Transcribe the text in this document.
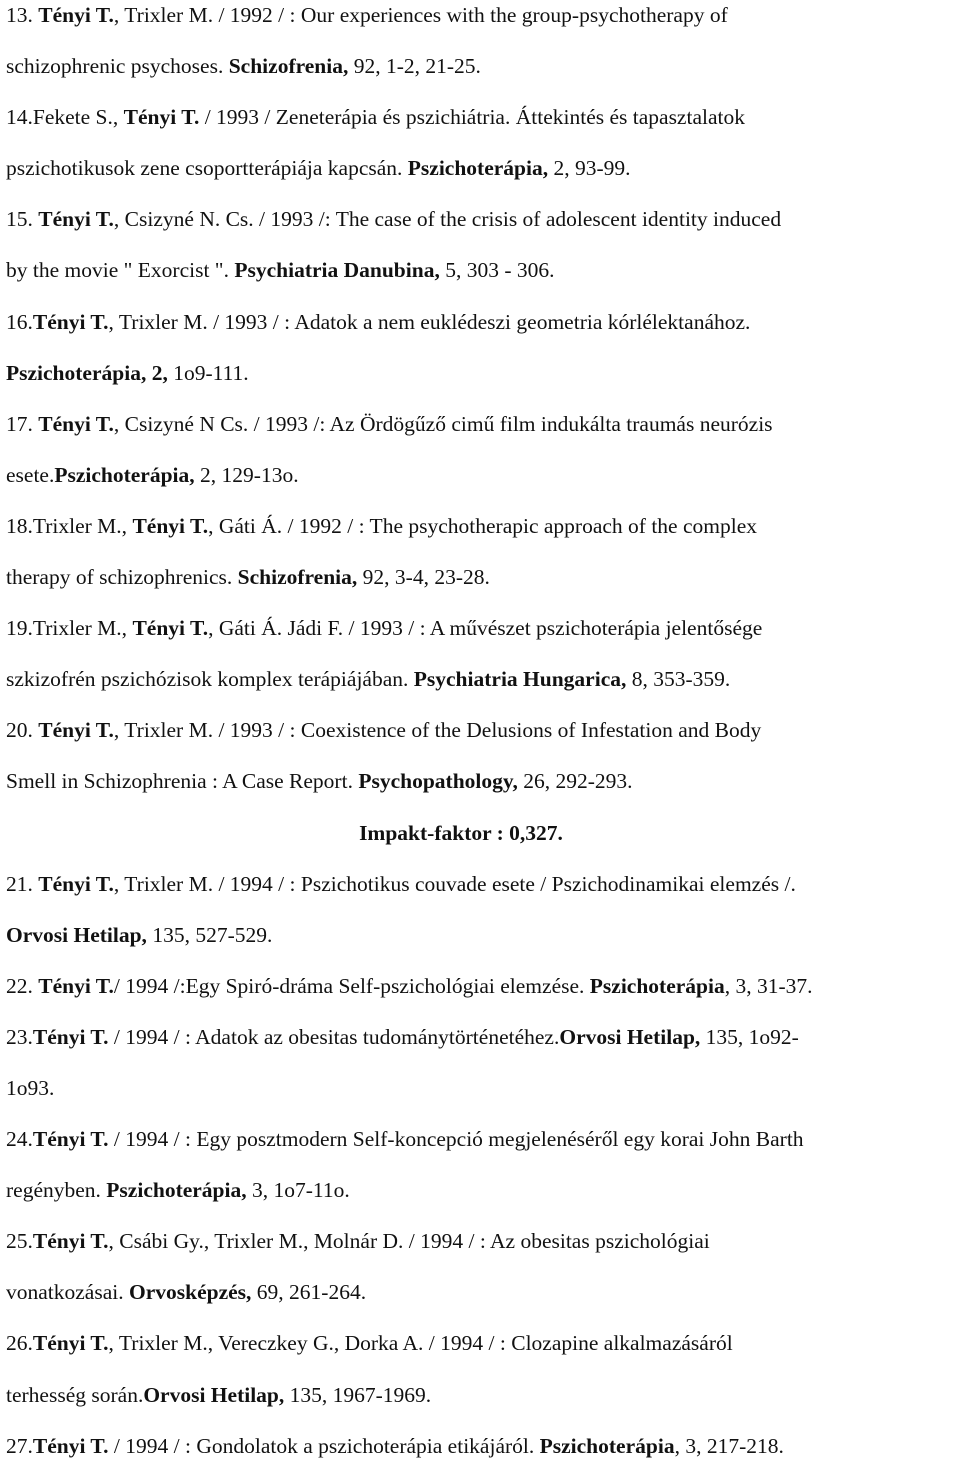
13. Tényi T., Trixler M. / 1992 / : Our experiences with the group-psychotherapy of
schizophrenic psychoses. Schizofrenia, 92, 1-2, 21-25.
14.Fekete S., Tényi T. / 1993 / Zeneterápia és pszichiátria. Áttekintés és tapasztalatok
pszichotikusok zene csoportterápiája kapcsán. Pszichoterápia, 2, 93-99.
15. Tényi T., Csizyné N. Cs. / 1993 /: The case of the crisis of adolescent identity induced
by the movie " Exorcist ". Psychiatria Danubina, 5, 303 - 306.
16.Tényi T., Trixler M. / 1993 / : Adatok a nem euklédeszi geometria kórlélektanához.
Pszichoterápia, 2, 1o9-111.
17. Tényi T., Csizyné N Cs. / 1993 /: Az Ördögűző cimű film indukálta traumás neurózis
esete.Pszichoterápia, 2, 129-13o.
18.Trixler M., Tényi T., Gáti Á. / 1992 / : The psychotherapic approach of the complex
therapy of schizophrenics. Schizofrenia, 92, 3-4, 23-28.
19.Trixler M., Tényi T., Gáti Á. Jádi F. / 1993 / : A művészet pszichoterápia jelentősége
szkizofrén pszichózisok komplex terápiájában. Psychiatria Hungarica, 8, 353-359.
20. Tényi T., Trixler M. / 1993 / : Coexistence of the Delusions of Infestation and Body
Smell in Schizophrenia : A Case Report. Psychopathology, 26, 292-293.
Impakt-faktor : 0,327.
21. Tényi T., Trixler M. / 1994 / : Pszichotikus couvade esete / Pszichodinamikai elemzés /.
Orvosi Hetilap, 135, 527-529.
22. Tényi T./ 1994 /:Egy Spiró-dráma Self-pszichológiai elemzése. Pszichoterápia, 3, 31-37.
23.Tényi T. / 1994 / : Adatok az obesitas tudománytörténetéhez.Orvosi Hetilap, 135, 1o92-
1o93.
24.Tényi T. / 1994 / : Egy posztmodern Self-koncepció megjelenéséről egy korai John Barth
regényben. Pszichoterápia, 3, 1o7-11o.
25.Tényi T., Csábi Gy., Trixler M., Molnár D. / 1994 / : Az obesitas pszichológiai
vonatkozásai. Orvosképzés, 69, 261-264.
26.Tényi T., Trixler M., Vereczkey G., Dorka A. / 1994 / : Clozapine alkalmazásáról
terhesség során.Orvosi Hetilap, 135, 1967-1969.
27.Tényi T. / 1994 / : Gondolatok a pszichoterápia etikájáról. Pszichoterápia, 3, 217-218.
